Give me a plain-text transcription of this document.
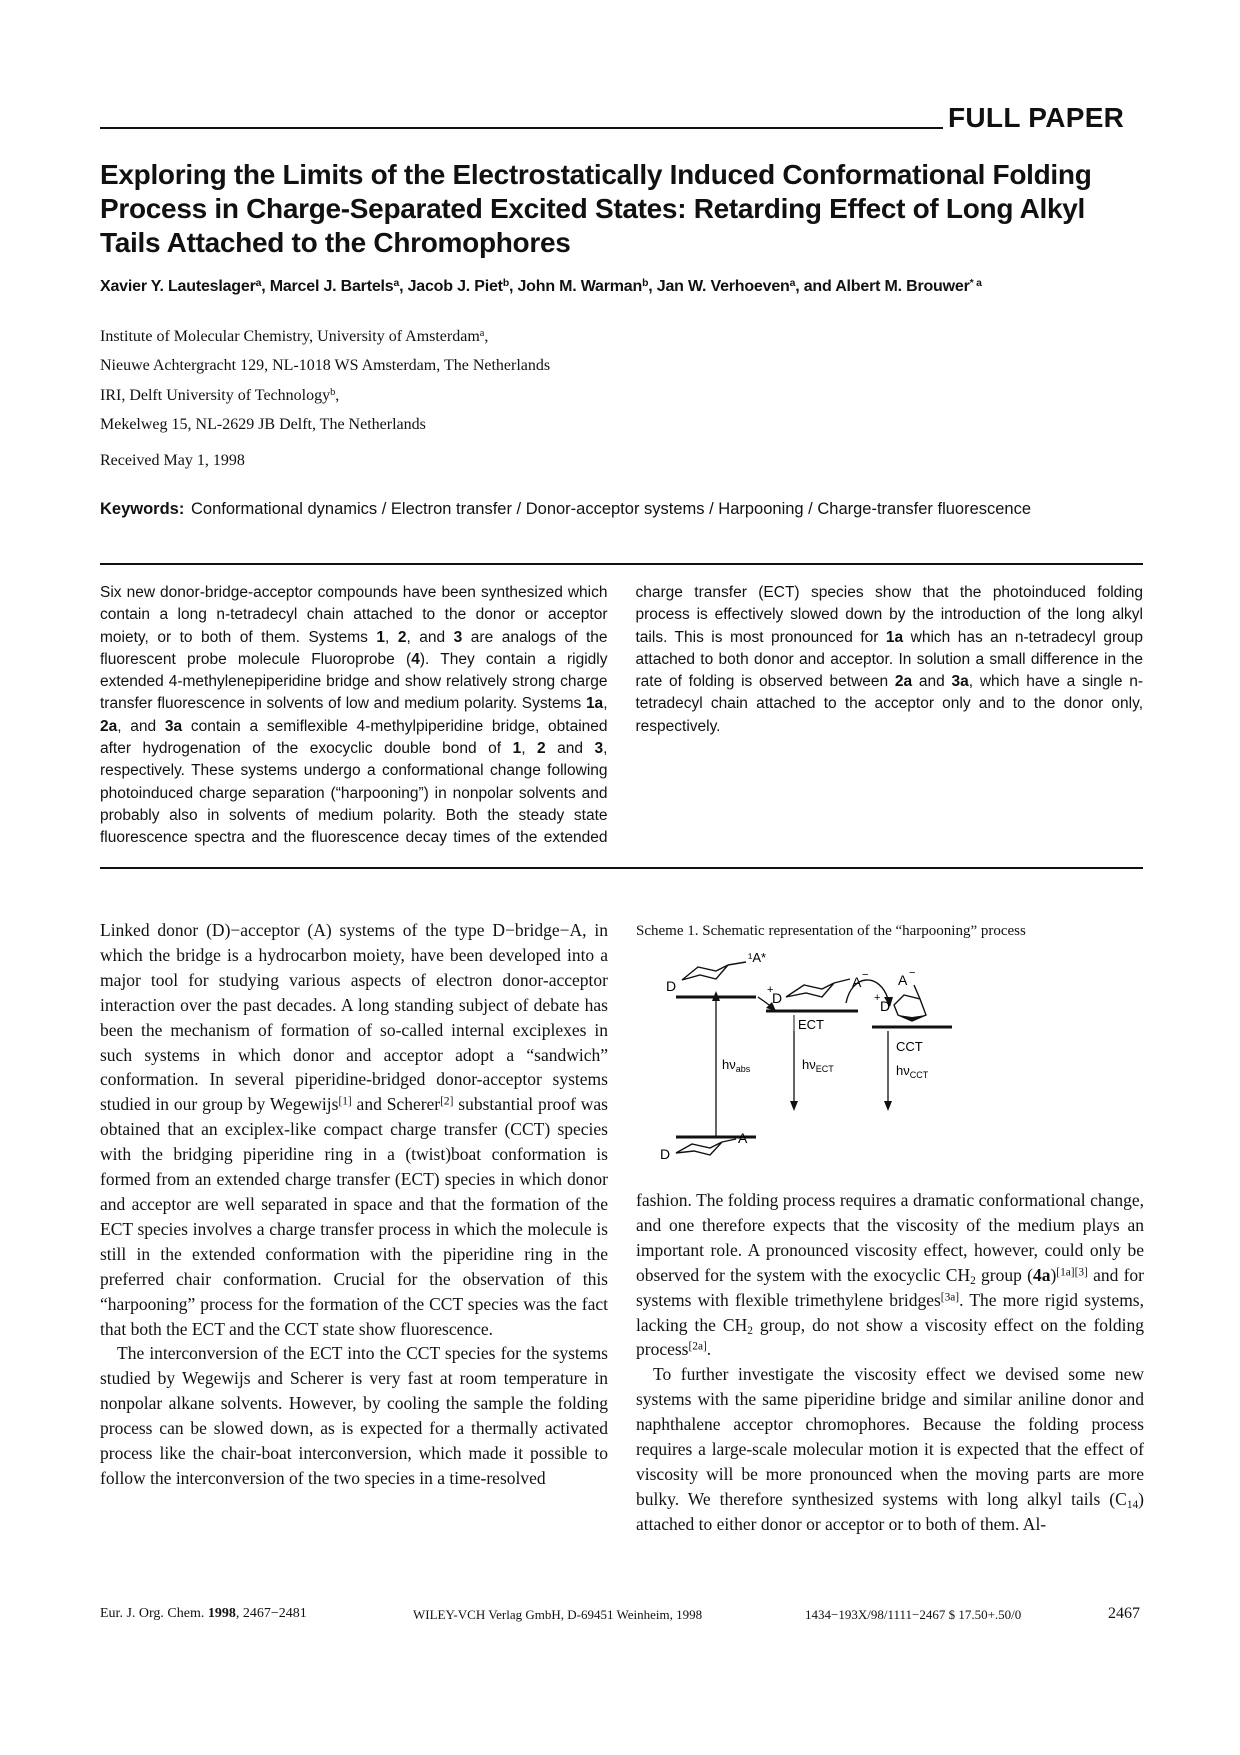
FULL PAPER
Exploring the Limits of the Electrostatically Induced Conformational Folding Process in Charge-Separated Excited States: Retarding Effect of Long Alkyl Tails Attached to the Chromophores
Xavier Y. Lauteslager$^a$, Marcel J. Bartels$^a$, Jacob J. Piet$^b$, John M. Warman$^b$, Jan W. Verhoeven$^a$, and Albert M. Brouwer$^{* a}$
Institute of Molecular Chemistry, University of Amsterdam$^a$,
Nieuwe Achtergracht 129, NL-1018 WS Amsterdam, The Netherlands
IRI, Delft University of Technology$^b$,
Mekelweg 15, NL-2629 JB Delft, The Netherlands
Received May 1, 1998
Keywords: Conformational dynamics / Electron transfer / Donor-acceptor systems / Harpooning / Charge-transfer fluorescence
Six new donor-bridge-acceptor compounds have been synthesized which contain a long n-tetradecyl chain attached to the donor or acceptor moiety, or to both of them. Systems 1, 2, and 3 are analogs of the fluorescent probe molecule Fluoroprobe (4). They contain a rigidly extended 4-methylenepiperidine bridge and show relatively strong charge transfer fluorescence in solvents of low and medium polarity. Systems 1a, 2a, and 3a contain a semiflexible 4-methylpiperidine bridge, obtained after hydrogenation of the exocyclic double bond of 1, 2 and 3, respectively. These systems undergo a conformational change following photoinduced charge separation (“harpooning”) in nonpolar solvents and probably also in solvents of medium polarity. Both the steady state fluorescence spectra and the fluorescence decay times of the extended charge transfer (ECT) species show that the photoinduced folding process is effectively slowed down by the introduction of the long alkyl tails. This is most pronounced for 1a which has an n-tetradecyl group attached to both donor and acceptor. In solution a small difference in the rate of folding is observed between 2a and 3a, which have a single n-tetradecyl chain attached to the acceptor only and to the donor only, respectively.

Linked donor (D)−acceptor (A) systems of the type D−bridge−A, in which the bridge is a hydrocarbon moiety, have been developed into a major tool for studying various aspects of electron donor-acceptor interaction over the past decades. A long standing subject of debate has been the mechanism of formation of so-called internal exciplexes in such systems in which donor and acceptor adopt a “sandwich” conformation. In several piperidine-bridged donor-acceptor systems studied in our group by Wegewijs[1] and Scherer[2] substantial proof was obtained that an exciplex-like compact charge transfer (CCT) species with the bridging piperidine ring in a (twist)boat conformation is formed from an extended charge transfer (ECT) species in which donor and acceptor are well separated in space and that the formation of the ECT species involves a charge transfer process in which the molecule is still in the extended conformation with the piperidine ring in the preferred chair conformation. Crucial for the observation of this “harpooning” process for the formation of the CCT species was the fact that both the ECT and the CCT state show fluorescence.

The interconversion of the ECT into the CCT species for the systems studied by Wegewijs and Scherer is very fast at room temperature in nonpolar alkane solvents. However, by cooling the sample the folding process can be slowed down, as is expected for a thermally activated process like the chair-boat interconversion, which made it possible to follow the interconversion of the two species in a time-resolved

Scheme 1. Schematic representation of the “harpooning” process
D
¹A*
$h\nu_{abs}$
D
A
+
D
A −
ECT
$h\nu_{ECT}$
+ D
A −
CCT
$h\nu_{CCT}$

fashion. The folding process requires a dramatic conformational change, and one therefore expects that the viscosity of the medium plays an important role. A pronounced viscosity effect, however, could only be observed for the system with the exocyclic $CH_2$ group (4a)[1a][3] and for systems with flexible trimethylene bridges[3a]. The more rigid systems, lacking the $CH_2$ group, do not show a viscosity effect on the folding process[2a].

To further investigate the viscosity effect we devised some new systems with the same piperidine bridge and similar aniline donor and naphthalene acceptor chromophores. Because the folding process requires a large-scale molecular motion it is expected that the effect of viscosity will be more pronounced when the moving parts are more bulky. We therefore synthesized systems with long alkyl tails $(C_{14})$ attached to either donor or acceptor or to both of them. Al-

Eur. J. Org. Chem. 1998, 2467−2481	WILEY-VCH Verlag GmbH, D-69451 Weinheim, 1998	1434−193X/98/1111−2467 $ 17.50+.50/0	2467
